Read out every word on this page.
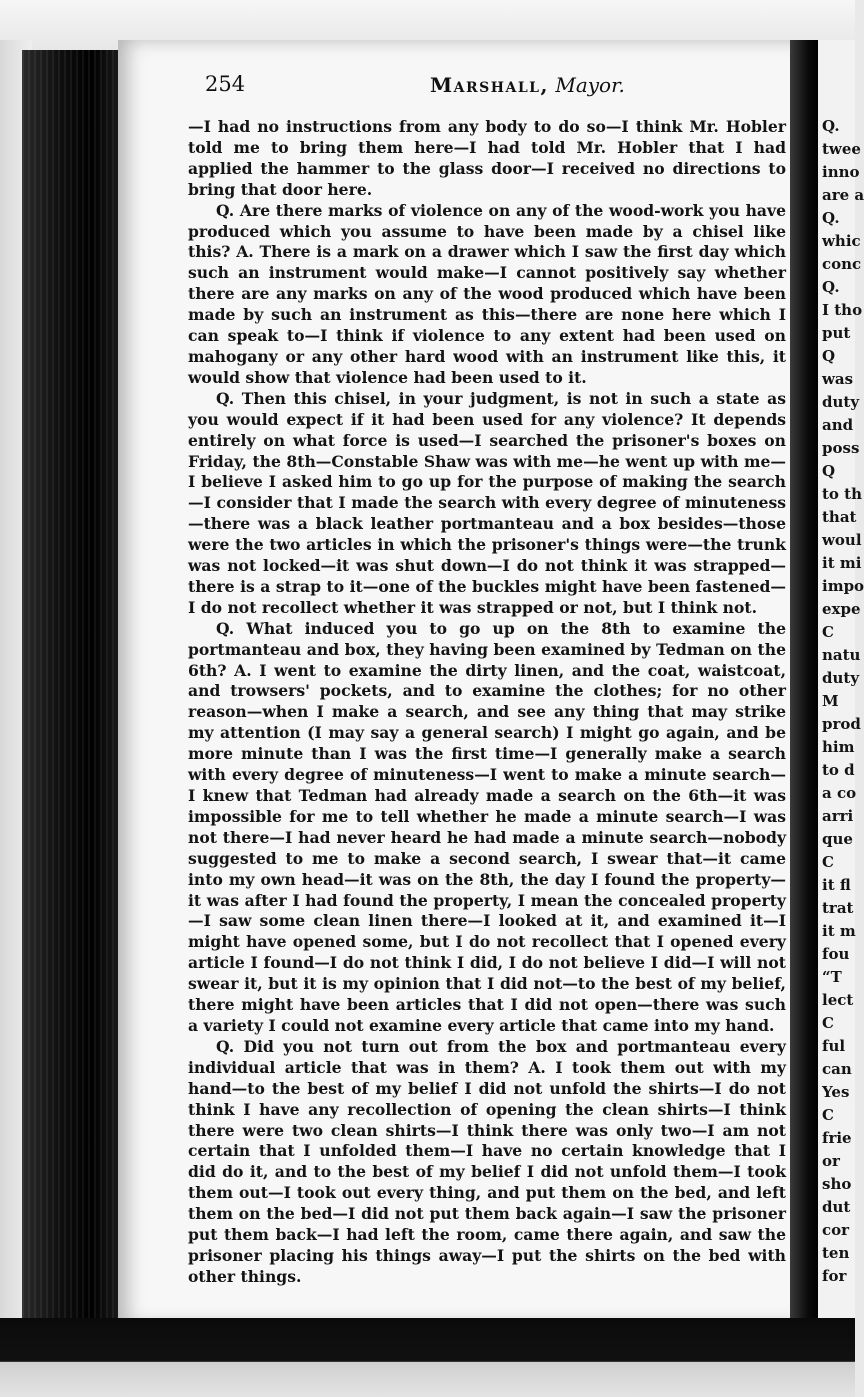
254	Marshall, Mayor.

—I had no instructions from any body to do so—I think Mr. Hobler told me to bring them here—I had told Mr. Hobler that I had applied the hammer to the glass door—I received no directions to bring that door here.

Q. Are there marks of violence on any of the wood-work you have produced which you assume to have been made by a chisel like this? A. There is a mark on a drawer which I saw the first day which such an instrument would make—I cannot positively say whether there are any marks on any of the wood produced which have been made by such an instrument as this—there are none here which I can speak to—I think if violence to any extent had been used on mahogany or any other hard wood with an instrument like this, it would show that violence had been used to it.

Q. Then this chisel, in your judgment, is not in such a state as you would expect if it had been used for any violence? It depends entirely on what force is used—I searched the prisoner's boxes on Friday, the 8th—Constable Shaw was with me—he went up with me—I believe I asked him to go up for the purpose of making the search—I consider that I made the search with every degree of minuteness—there was a black leather portmanteau and a box besides—those were the two articles in which the prisoner's things were—the trunk was not locked—it was shut down—I do not think it was strapped—there is a strap to it—one of the buckles might have been fastened—I do not recollect whether it was strapped or not, but I think not.

Q. What induced you to go up on the 8th to examine the portmanteau and box, they having been examined by Tedman on the 6th? A. I went to examine the dirty linen, and the coat, waistcoat, and trowsers' pockets, and to examine the clothes; for no other reason—when I make a search, and see any thing that may strike my attention (I may say a general search) I might go again, and be more minute than I was the first time—I generally make a search with every degree of minuteness—I went to make a minute search—I knew that Tedman had already made a search on the 6th—it was impossible for me to tell whether he made a minute search—I was not there—I had never heard he had made a minute search—nobody suggested to me to make a second search, I swear that—it came into my own head—it was on the 8th, the day I found the property—it was after I had found the property, I mean the concealed property—I saw some clean linen there—I looked at it, and examined it—I might have opened some, but I do not recollect that I opened every article I found—I do not think I did, I do not believe I did—I will not swear it, but it is my opinion that I did not—to the best of my belief, there might have been articles that I did not open—there was such a variety I could not examine every article that came into my hand.

Q. Did you not turn out from the box and portmanteau every individual article that was in them? A. I took them out with my hand—to the best of my belief I did not unfold the shirts—I do not think I have any recollection of opening the clean shirts—I think there were two clean shirts—I think there was only two—I am not certain that I unfolded them—I have no certain knowledge that I did do it, and to the best of my belief I did not unfold them—I took them out—I took out every thing, and put them on the bed, and left them on the bed—I did not put them back again—I saw the prisoner put them back—I had left the room, came there again, and saw the prisoner placing his things away—I put the shirts on the bed with other things.

Q.
twee
inno
are a
Q.
whic
conc
Q.
I tho
put
Q
was
duty
and
poss
Q
to th
that
woul
it mi
impo
expe
C
natu
duty
M
prod
him
to d
a co
arri
que
C
it fl
trat
it m
fou
“T
lect
C
ful
can
Yes
C
frie
or
sho
dut
cor
ten
for
